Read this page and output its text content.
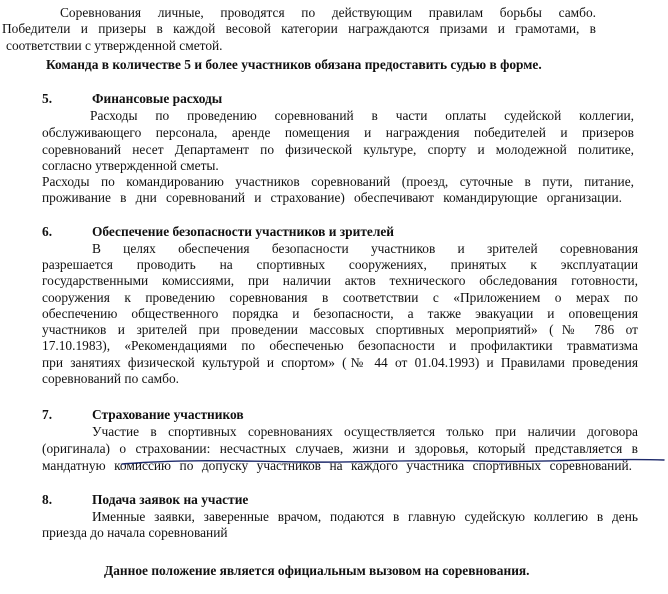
Соревнования личные, проводятся по действующим правилам борьбы самбо.
Победители и призеры в каждой весовой категории награждаются призами и грамотами, в
соответствии с утвержденной сметой.
Команда в количестве 5 и более участников обязана предоставить судью в форме.
5.	Финансовые расходы
Расходы по проведению соревнований в части оплаты судейской коллегии,
обслуживающего персонала, аренде помещения и награждения победителей и призеров
соревнований несет Департамент по физической культуре, спорту и молодежной политике,
согласно утвержденной сметы.
Расходы по командированию участников соревнований (проезд, суточные в пути, питание,
проживание в дни соревнований и страхование) обеспечивают командирующие организации.
6.	Обеспечение безопасности участников и зрителей
В целях обеспечения безопасности участников и зрителей соревнования
разрешается проводить на спортивных сооружениях, принятых к эксплуатации
государственными комиссиями, при наличии актов технического обследования готовности,
сооружения к проведению соревнования в соответствии с «Приложением о мерах по
обеспечению общественного порядка и безопасности, а также эвакуации и оповещения
участников и зрителей при проведении массовых спортивных мероприятий» (№ 786 от
17.10.1983), «Рекомендациями по обеспеченью безопасности и профилактики травматизма
при занятиях физической культурой и спортом» (№ 44 от 01.04.1993) и Правилами проведения
соревнований по самбо.
7.	Страхование участников
Участие в спортивных соревнованиях осуществляется только при наличии договора
(оригинала) о страховании: несчастных случаев, жизни и здоровья, который представляется в
мандатную комиссию по допуску участников на каждого участника спортивных соревнований.
8.	Подача заявок на участие
Именные заявки, заверенные врачом, подаются в главную судейскую коллегию в день
приезда до начала соревнований
Данное положение является официальным вызовом на соревнования.
